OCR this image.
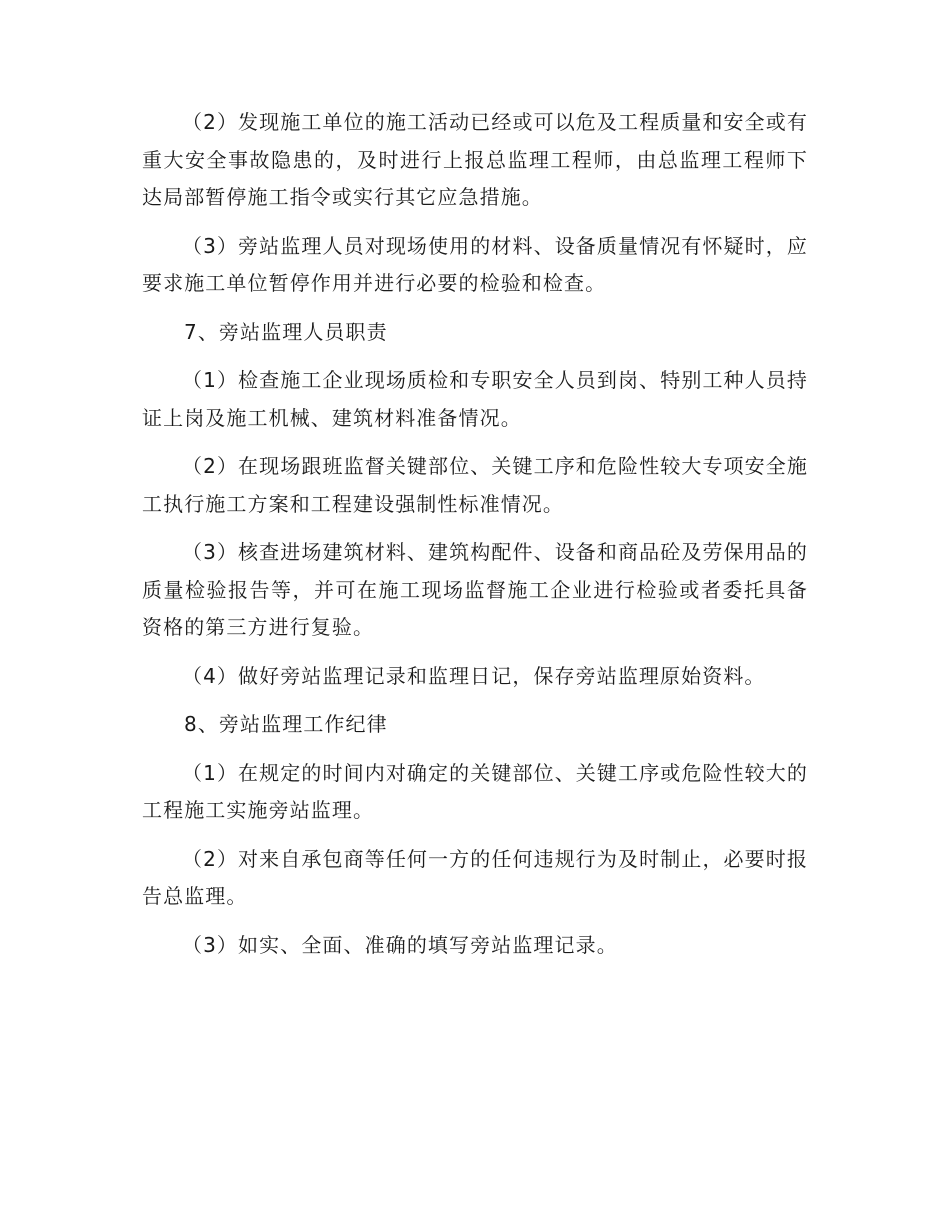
（2）发现施工单位的施工活动已经或可以危及工程质量和安全或有重大安全事故隐患的，及时进行上报总监理工程师，由总监理工程师下达局部暂停施工指令或实行其它应急措施。

（3）旁站监理人员对现场使用的材料、设备质量情况有怀疑时，应要求施工单位暂停作用并进行必要的检验和检查。

7、旁站监理人员职责

（1）检查施工企业现场质检和专职安全人员到岗、特别工种人员持证上岗及施工机械、建筑材料准备情况。

（2）在现场跟班监督关键部位、关键工序和危险性较大专项安全施工执行施工方案和工程建设强制性标准情况。

（3）核查进场建筑材料、建筑构配件、设备和商品砼及劳保用品的质量检验报告等，并可在施工现场监督施工企业进行检验或者委托具备资格的第三方进行复验。

（4）做好旁站监理记录和监理日记，保存旁站监理原始资料。

8、旁站监理工作纪律

（1）在规定的时间内对确定的关键部位、关键工序或危险性较大的工程施工实施旁站监理。

（2）对来自承包商等任何一方的任何违规行为及时制止，必要时报告总监理。

（3）如实、全面、准确的填写旁站监理记录。
